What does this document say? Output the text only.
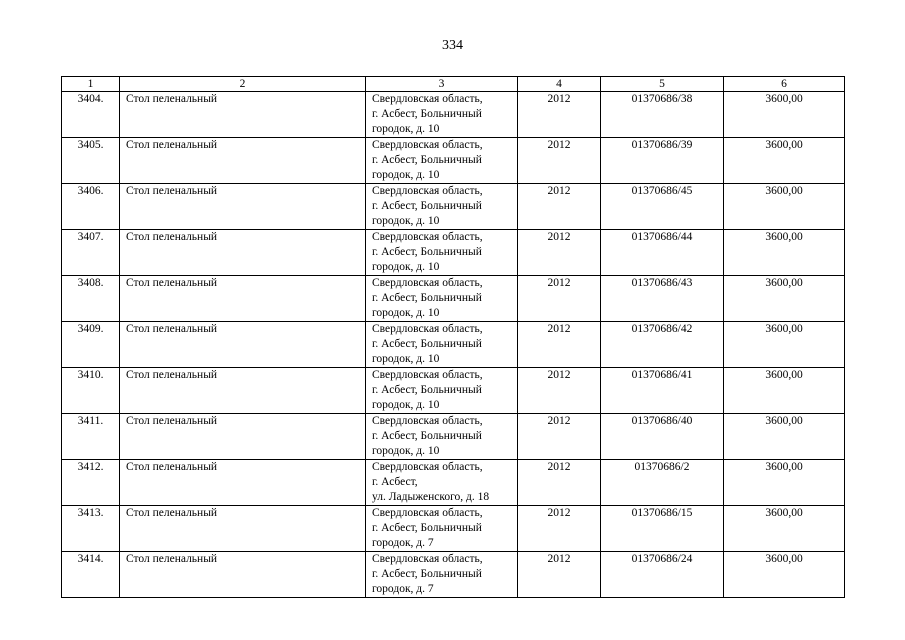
334
1	2	3	4	5	6
3404.	Стол пеленальный	Свердловская область,
г. Асбест, Больничный
городок, д. 10	2012	01370686/38	3600,00
3405.	Стол пеленальный	Свердловская область,
г. Асбест, Больничный
городок, д. 10	2012	01370686/39	3600,00
3406.	Стол пеленальный	Свердловская область,
г. Асбест, Больничный
городок, д. 10	2012	01370686/45	3600,00
3407.	Стол пеленальный	Свердловская область,
г. Асбест, Больничный
городок, д. 10	2012	01370686/44	3600,00
3408.	Стол пеленальный	Свердловская область,
г. Асбест, Больничный
городок, д. 10	2012	01370686/43	3600,00
3409.	Стол пеленальный	Свердловская область,
г. Асбест, Больничный
городок, д. 10	2012	01370686/42	3600,00
3410.	Стол пеленальный	Свердловская область,
г. Асбест, Больничный
городок, д. 10	2012	01370686/41	3600,00
3411.	Стол пеленальный	Свердловская область,
г. Асбест, Больничный
городок, д. 10	2012	01370686/40	3600,00
3412.	Стол пеленальный	Свердловская область,
г. Асбест,
ул. Ладыженского, д. 18	2012	01370686/2	3600,00
3413.	Стол пеленальный	Свердловская область,
г. Асбест, Больничный
городок, д. 7	2012	01370686/15	3600,00
3414.	Стол пеленальный	Свердловская область,
г. Асбест, Больничный
городок, д. 7	2012	01370686/24	3600,00
